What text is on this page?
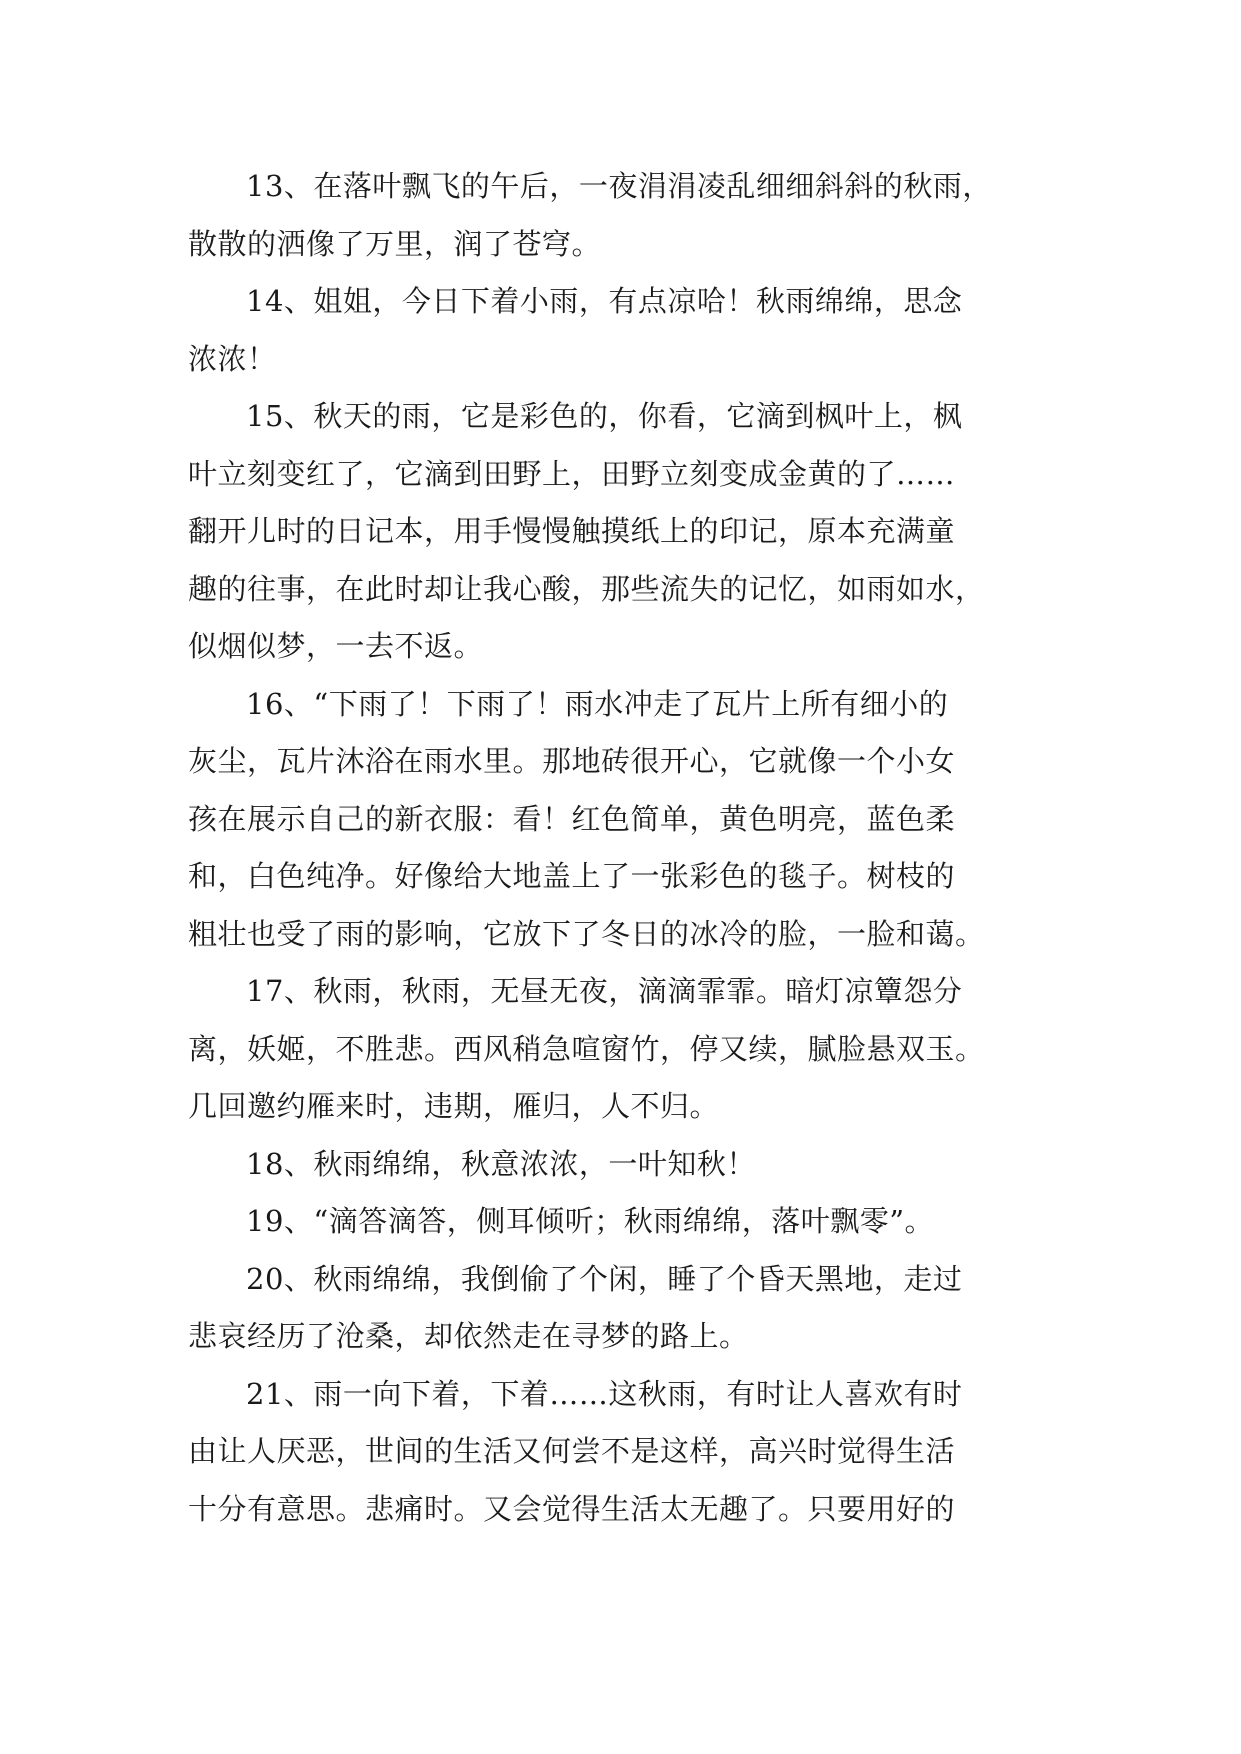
13、在落叶飘飞的午后，一夜涓涓凌乱细细斜斜的秋雨，
散散的洒像了万里，润了苍穹。
14、姐姐，今日下着小雨，有点凉哈！秋雨绵绵，思念
浓浓！
15、秋天的雨，它是彩色的，你看，它滴到枫叶上，枫
叶立刻变红了，它滴到田野上，田野立刻变成金黄的了……
翻开儿时的日记本，用手慢慢触摸纸上的印记，原本充满童
趣的往事，在此时却让我心酸，那些流失的记忆，如雨如水，
似烟似梦，一去不返。
16、“下雨了！下雨了！雨水冲走了瓦片上所有细小的
灰尘，瓦片沐浴在雨水里。那地砖很开心，它就像一个小女
孩在展示自己的新衣服：看！红色简单，黄色明亮，蓝色柔
和，白色纯净。好像给大地盖上了一张彩色的毯子。树枝的
粗壮也受了雨的影响，它放下了冬日的冰冷的脸，一脸和蔼。
17、秋雨，秋雨，无昼无夜，滴滴霏霏。暗灯凉簟怨分
离，妖姬，不胜悲。西风稍急喧窗竹，停又续，腻脸悬双玉。
几回邀约雁来时，违期，雁归，人不归。
18、秋雨绵绵，秋意浓浓，一叶知秋！
19、“滴答滴答，侧耳倾听；秋雨绵绵，落叶飘零”。
20、秋雨绵绵，我倒偷了个闲，睡了个昏天黑地，走过
悲哀经历了沧桑，却依然走在寻梦的路上。
21、雨一向下着，下着……这秋雨，有时让人喜欢有时
由让人厌恶，世间的生活又何尝不是这样，高兴时觉得生活
十分有意思。悲痛时。又会觉得生活太无趣了。只要用好的
